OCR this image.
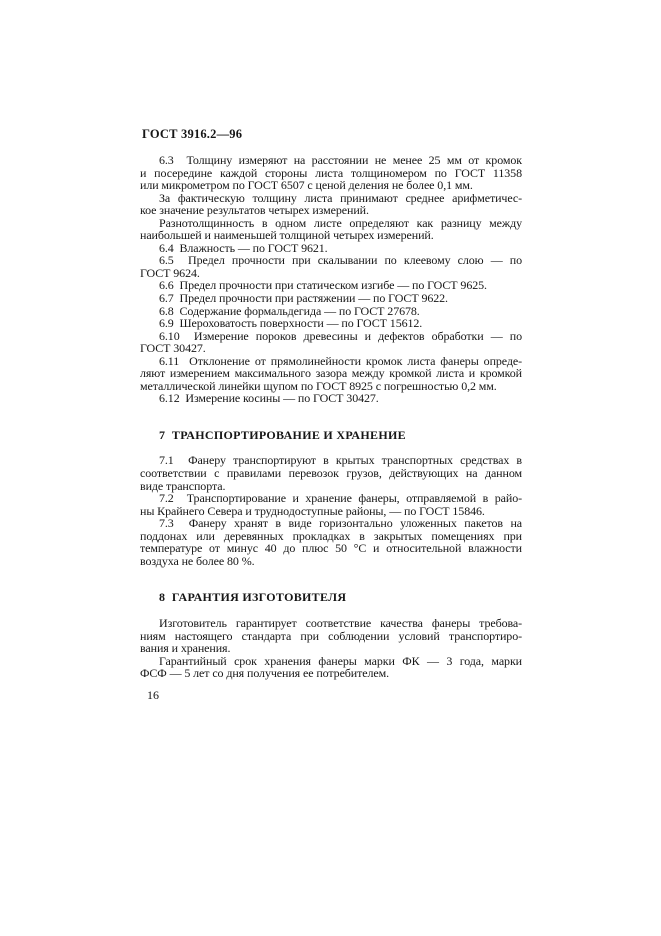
ГОСТ 3916.2—96
6.3  Толщину измеряют на расстоянии не менее 25 мм от кромок
и посередине каждой стороны листа толщиномером по ГОСТ 11358
или микрометром по ГОСТ 6507 с ценой деления не более 0,1 мм.
За фактическую толщину листа принимают среднее арифметичес-
кое значение результатов четырех измерений.
Разнотолщинность в одном листе определяют как разницу между
наибольшей и наименьшей толщиной четырех измерений.
6.4  Влажность — по ГОСТ 9621.
6.5  Предел прочности при скалывании по клеевому слою — по
ГОСТ 9624.
6.6  Предел прочности при статическом изгибе — по ГОСТ 9625.
6.7  Предел прочности при растяжении — по ГОСТ 9622.
6.8  Содержание формальдегида — по ГОСТ 27678.
6.9  Шероховатость поверхности — по ГОСТ 15612.
6.10  Измерение пороков древесины и дефектов обработки — по
ГОСТ 30427.
6.11  Отклонение от прямолинейности кромок листа фанеры опреде-
ляют измерением максимального зазора между кромкой листа и кромкой
металлической линейки щупом по ГОСТ 8925 с погрешностью 0,2 мм.
6.12  Измерение косины — по ГОСТ 30427.
7  ТРАНСПОРТИРОВАНИЕ И ХРАНЕНИЕ
7.1  Фанеру транспортируют в крытых транспортных средствах в
соответствии с правилами перевозок грузов, действующих на данном
виде транспорта.
7.2  Транспортирование и хранение фанеры, отправляемой в райо-
ны Крайнего Севера и труднодоступные районы, — по ГОСТ 15846.
7.3  Фанеру хранят в виде горизонтально уложенных пакетов на
поддонах или деревянных прокладках в закрытых помещениях при
температуре от минус 40 до плюс 50 °С и относительной влажности
воздуха не более 80 %.
8  ГАРАНТИЯ ИЗГОТОВИТЕЛЯ
Изготовитель гарантирует соответствие качества фанеры требова-
ниям настоящего стандарта при соблюдении условий транспортиро-
вания и хранения.
Гарантийный срок хранения фанеры марки ФК — 3 года, марки
ФСФ — 5 лет со дня получения ее потребителем.
16
